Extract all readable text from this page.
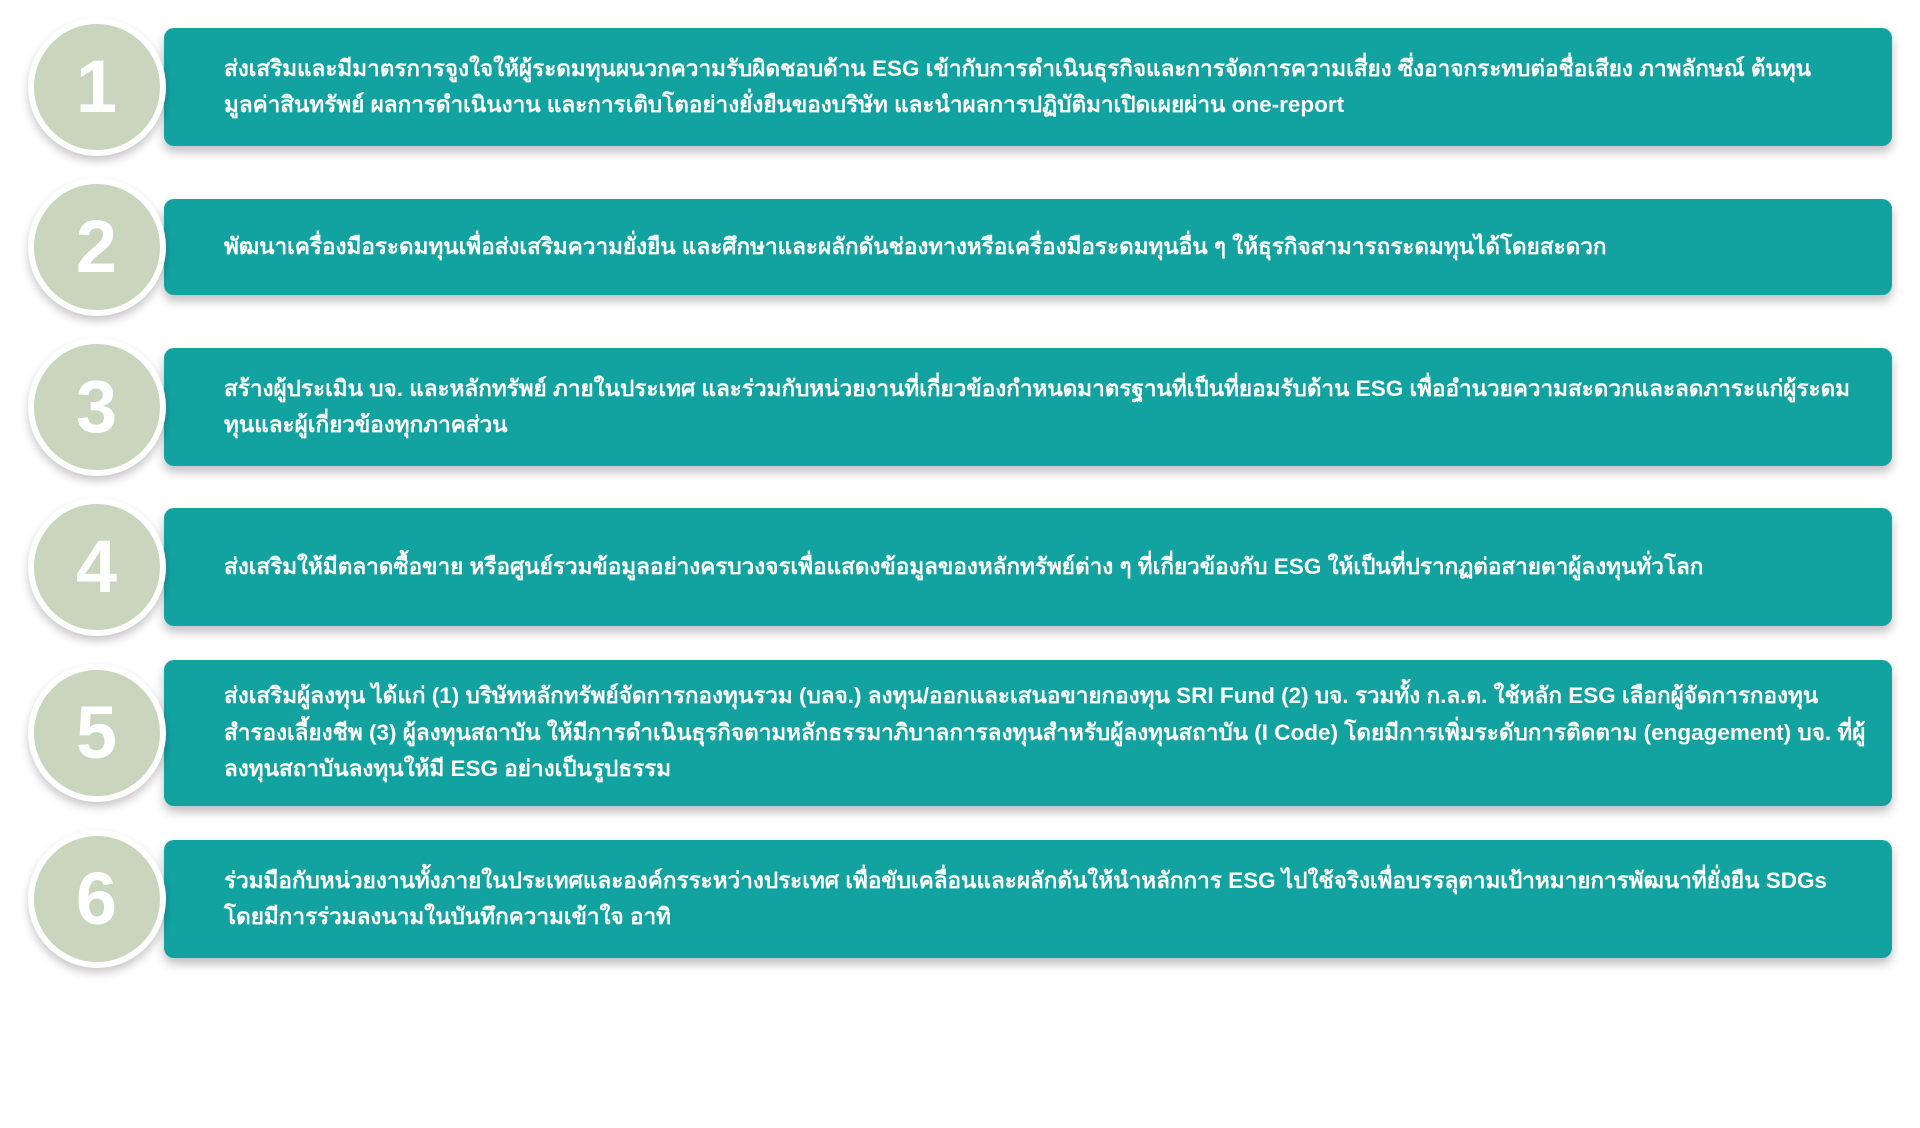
1	ส่งเสริมและมีมาตรการจูงใจให้ผู้ระดมทุนผนวกความรับผิดชอบด้าน ESG เข้ากับการดำเนินธุรกิจและการจัดการความเสี่ยง ซึ่งอาจกระทบต่อชื่อเสียง ภาพลักษณ์ ต้นทุน มูลค่าสินทรัพย์ ผลการดำเนินงาน และการเติบโตอย่างยั่งยืนของบริษัท และนำผลการปฏิบัติมาเปิดเผยผ่าน one-report
2	พัฒนาเครื่องมือระดมทุนเพื่อส่งเสริมความยั่งยืน และศึกษาและผลักดันช่องทางหรือเครื่องมือระดมทุนอื่น ๆ ให้ธุรกิจสามารถระดมทุนได้โดยสะดวก
3	สร้างผู้ประเมิน บจ. และหลักทรัพย์ ภายในประเทศ และร่วมกับหน่วยงานที่เกี่ยวข้องกำหนดมาตรฐานที่เป็นที่ยอมรับด้าน ESG เพื่ออำนวยความสะดวกและลดภาระแก่ผู้ระดมทุนและผู้เกี่ยวข้องทุกภาคส่วน
4	ส่งเสริมให้มีตลาดซื้อขาย หรือศูนย์รวมข้อมูลอย่างครบวงจรเพื่อแสดงข้อมูลของหลักทรัพย์ต่าง ๆ ที่เกี่ยวข้องกับ ESG ให้เป็นที่ปรากฏต่อสายตาผู้ลงทุนทั่วโลก
5	ส่งเสริมผู้ลงทุน ได้แก่ (1) บริษัทหลักทรัพย์จัดการกองทุนรวม (บลจ.) ลงทุน/ออกและเสนอขายกองทุน SRI Fund (2) บจ. รวมทั้ง ก.ล.ต. ใช้หลัก ESG เลือกผู้จัดการกองทุนสำรองเลี้ยงชีพ (3) ผู้ลงทุนสถาบัน ให้มีการดำเนินธุรกิจตามหลักธรรมาภิบาลการลงทุนสำหรับผู้ลงทุนสถาบัน (I Code) โดยมีการเพิ่มระดับการติดตาม (engagement) บจ. ที่ผู้ลงทุนสถาบันลงทุนให้มี ESG อย่างเป็นรูปธรรม
6	ร่วมมือกับหน่วยงานทั้งภายในประเทศและองค์กรระหว่างประเทศ เพื่อขับเคลื่อนและผลักดันให้นำหลักการ ESG ไปใช้จริงเพื่อบรรลุตามเป้าหมายการพัฒนาที่ยั่งยืน SDGs โดยมีการร่วมลงนามในบันทึกความเข้าใจ อาทิ
